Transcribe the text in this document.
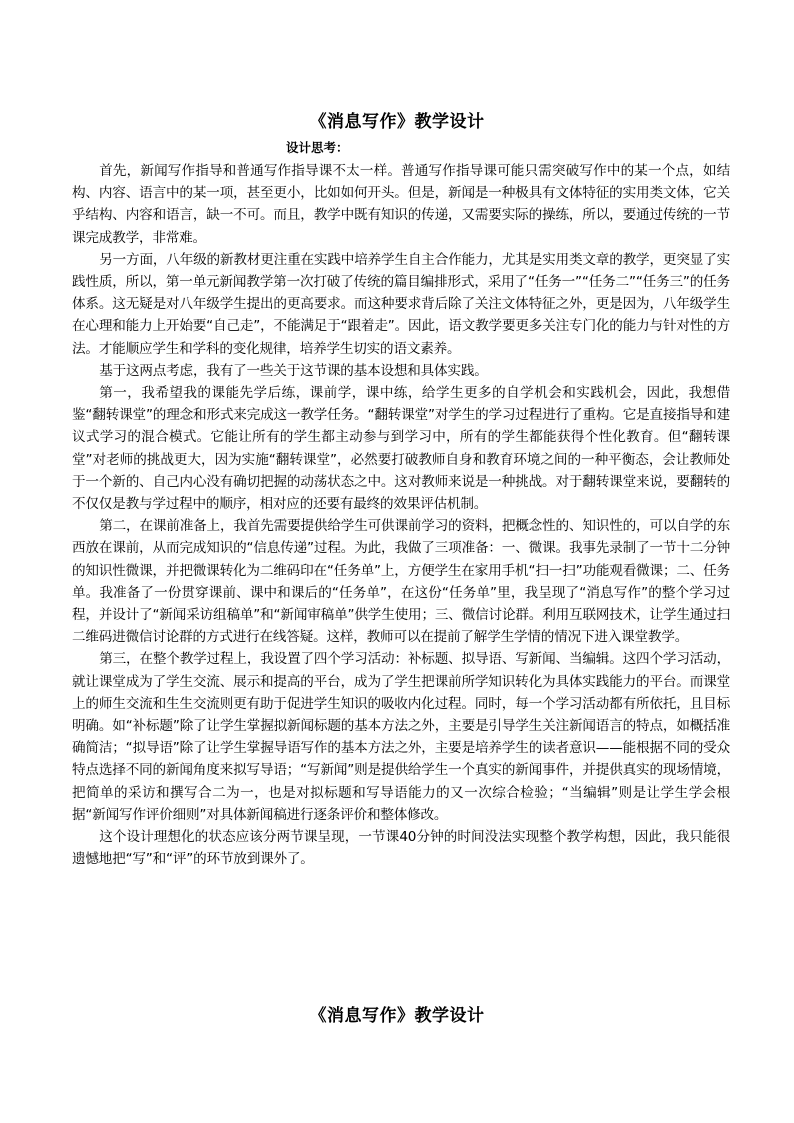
《消息写作》教学设计
设计思考：

首先，新闻写作指导和普通写作指导课不太一样。普通写作指导课可能只需突破写作中的某一个点，如结构、内容、语言中的某一项，甚至更小，比如如何开头。但是，新闻是一种极具有文体特征的实用类文体，它关乎结构、内容和语言，缺一不可。而且，教学中既有知识的传递，又需要实际的操练，所以，要通过传统的一节课完成教学，非常难。

另一方面，八年级的新教材更注重在实践中培养学生自主合作能力，尤其是实用类文章的教学，更突显了实践性质，所以，第一单元新闻教学第一次打破了传统的篇目编排形式，采用了“任务一”“任务二”“任务三”的任务体系。这无疑是对八年级学生提出的更高要求。而这种要求背后除了关注文体特征之外，更是因为，八年级学生在心理和能力上开始要“自己走”，不能满足于“跟着走”。因此，语文教学要更多关注专门化的能力与针对性的方法。才能顺应学生和学科的变化规律，培养学生切实的语文素养。

基于这两点考虑，我有了一些关于这节课的基本设想和具体实践。

第一，我希望我的课能先学后练，课前学，课中练，给学生更多的自学机会和实践机会，因此，我想借鉴“翻转课堂”的理念和形式来完成这一教学任务。“翻转课堂”对学生的学习过程进行了重构。它是直接指导和建议式学习的混合模式。它能让所有的学生都主动参与到学习中，所有的学生都能获得个性化教育。但“翻转课堂”对老师的挑战更大，因为实施“翻转课堂”，必然要打破教师自身和教育环境之间的一种平衡态，会让教师处于一个新的、自己内心没有确切把握的动荡状态之中。这对教师来说是一种挑战。对于翻转课堂来说，要翻转的不仅仅是教与学过程中的顺序，相对应的还要有最终的效果评估机制。

第二，在课前准备上，我首先需要提供给学生可供课前学习的资料，把概念性的、知识性的，可以自学的东西放在课前，从而完成知识的“信息传递”过程。为此，我做了三项准备：一、微课。我事先录制了一节十二分钟的知识性微课，并把微课转化为二维码印在“任务单”上，方便学生在家用手机“扫一扫”功能观看微课；二、任务单。我准备了一份贯穿课前、课中和课后的“任务单”，在这份“任务单”里，我呈现了“消息写作”的整个学习过程，并设计了“新闻采访组稿单”和“新闻审稿单”供学生使用；三、微信讨论群。利用互联网技术，让学生通过扫二维码进微信讨论群的方式进行在线答疑。这样，教师可以在提前了解学生学情的情况下进入课堂教学。

第三，在整个教学过程上，我设置了四个学习活动：补标题、拟导语、写新闻、当编辑。这四个学习活动，就让课堂成为了学生交流、展示和提高的平台，成为了学生把课前所学知识转化为具体实践能力的平台。而课堂上的师生交流和生生交流则更有助于促进学生知识的吸收内化过程。同时，每一个学习活动都有所依托，且目标明确。如“补标题”除了让学生掌握拟新闻标题的基本方法之外，主要是引导学生关注新闻语言的特点，如概括准确简洁；“拟导语”除了让学生掌握导语写作的基本方法之外，主要是培养学生的读者意识——能根据不同的受众特点选择不同的新闻角度来拟写导语；“写新闻”则是提供给学生一个真实的新闻事件，并提供真实的现场情境，把简单的采访和撰写合二为一，也是对拟标题和写导语能力的又一次综合检验；“当编辑”则是让学生学会根据“新闻写作评价细则”对具体新闻稿进行逐条评价和整体修改。

这个设计理想化的状态应该分两节课呈现，一节课40分钟的时间没法实现整个教学构想，因此，我只能很遗憾地把“写”和“评”的环节放到课外了。

《消息写作》教学设计
